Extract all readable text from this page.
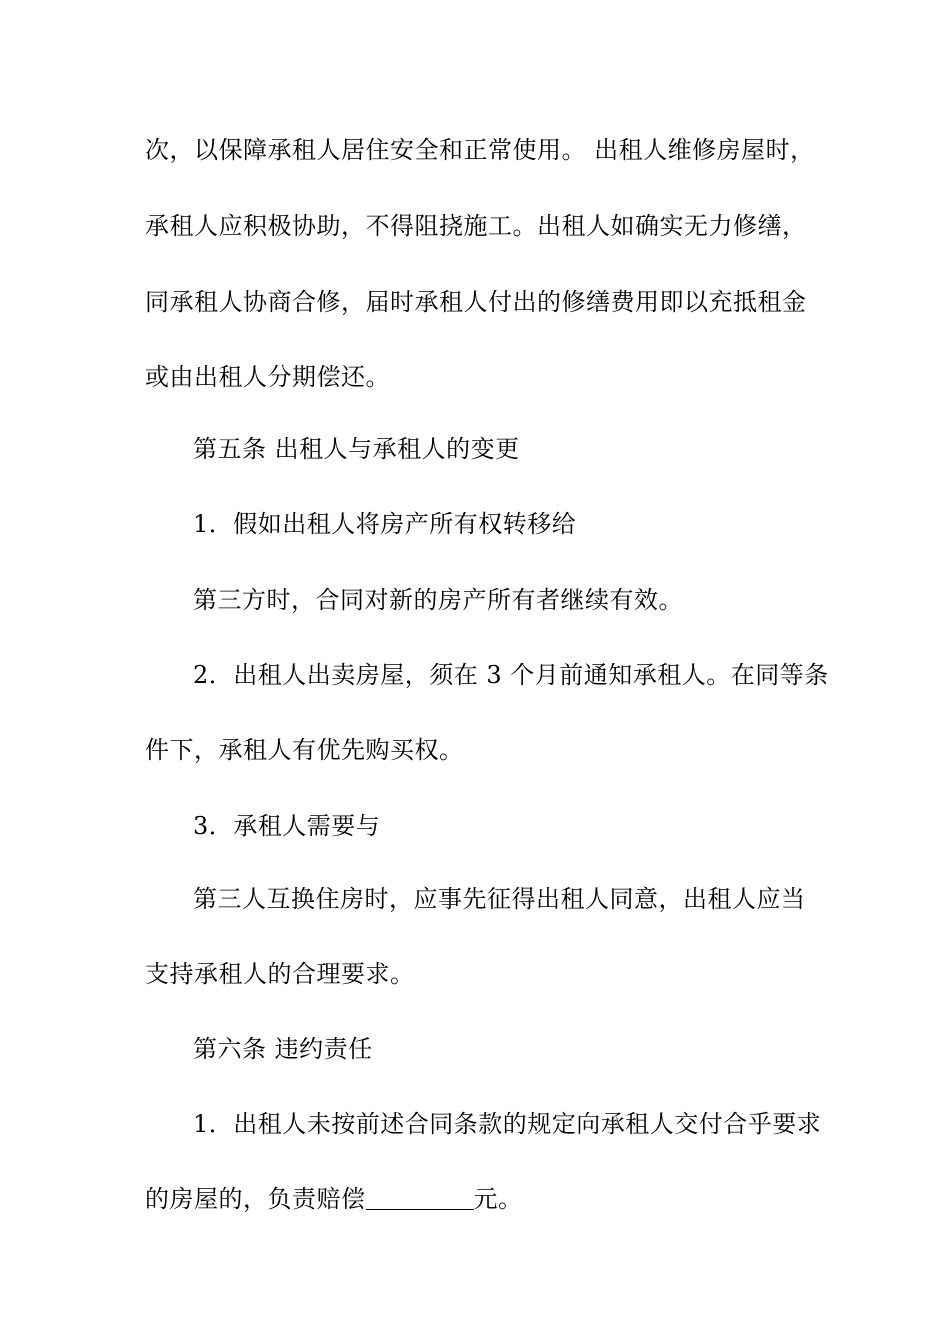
次，以保障承租人居住安全和正常使用。 出租人维修房屋时，
承租人应积极协助，不得阻挠施工。出租人如确实无力修缮，
同承租人协商合修，届时承租人付出的修缮费用即以充抵租金
或由出租人分期偿还。
第五条 出租人与承租人的变更
1．假如出租人将房产所有权转移给
第三方时，合同对新的房产所有者继续有效。
2．出租人出卖房屋，须在 3 个月前通知承租人。在同等条
件下，承租人有优先购买权。
3．承租人需要与
第三人互换住房时，应事先征得出租人同意，出租人应当
支持承租人的合理要求。
第六条 违约责任
1．出租人未按前述合同条款的规定向承租人交付合乎要求
的房屋的，负责赔偿	元。
